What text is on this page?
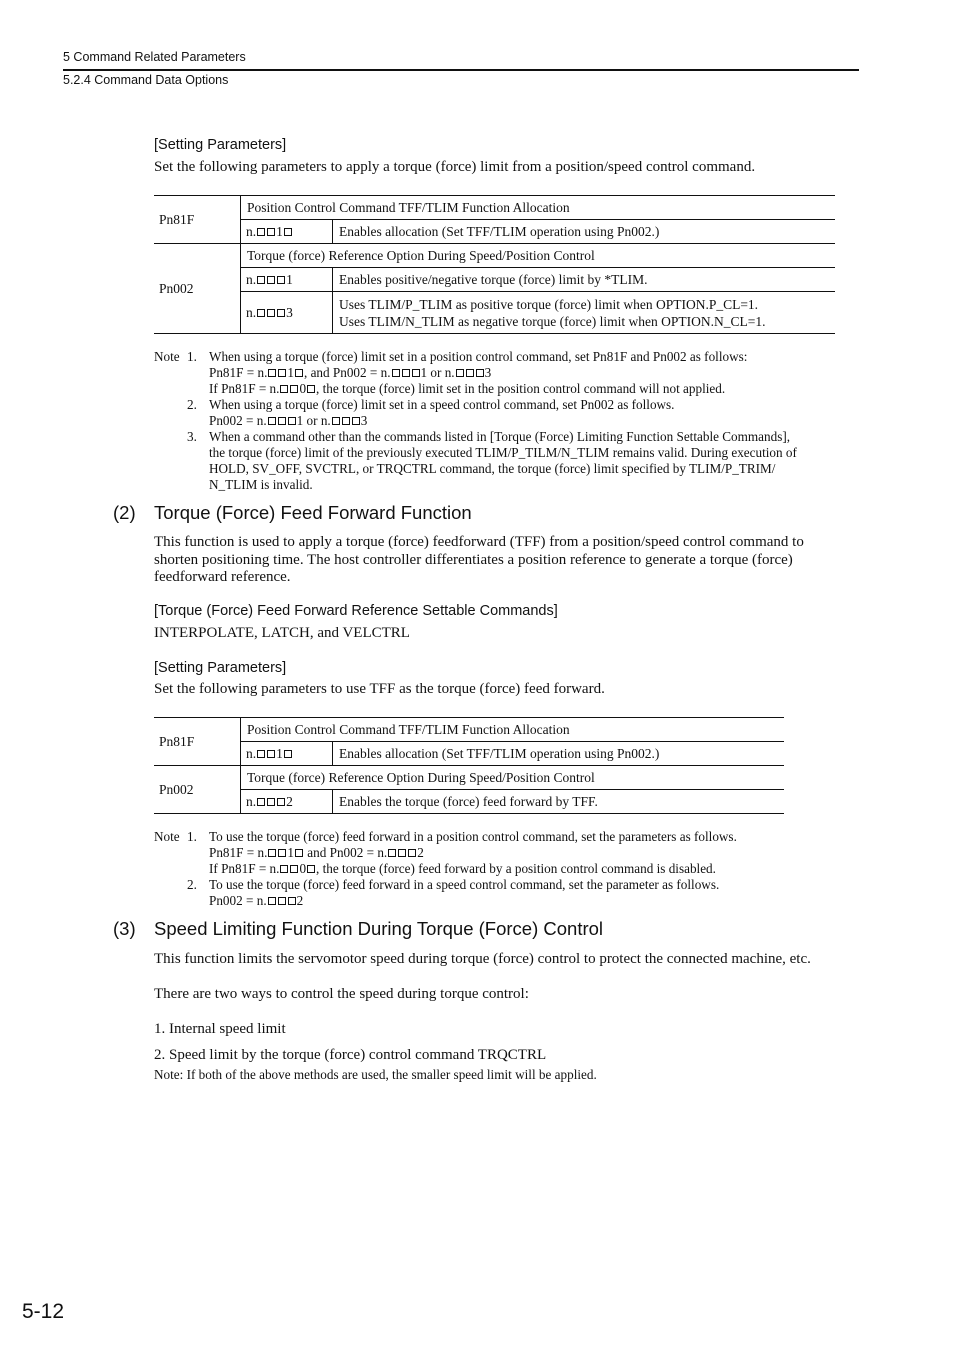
5 Command Related Parameters
5.2.4 Command Data Options
[Setting Parameters]
Set the following parameters to apply a torque (force) limit from a position/speed control command.
Pn81F	Position Control Command TFF/TLIM Function Allocation	
	n. 1	Enables allocation (Set TFF/TLIM operation using Pn002.)
Pn002	Torque (force) Reference Option During Speed/Position Control	
	n. 1	Enables positive/negative torque (force) limit by *TLIM.
	n. 3	Uses TLIM/P_TLIM as positive torque (force) limit when OPTION.P_CL=1.
Uses TLIM/N_TLIM as negative torque (force) limit when OPTION.N_CL=1.
Note 1. When using a torque (force) limit set in a position control command, set Pn81F and Pn002 as follows:
Pn81F = n. 1 , and Pn002 = n. 1 or n. 3
If Pn81F = n. 0 , the torque (force) limit set in the position control command will not applied.
2. When using a torque (force) limit set in a speed control command, set Pn002 as follows.
Pn002 = n. 1 or n. 3
3. When a command other than the commands listed in [Torque (Force) Limiting Function Settable Commands],
the torque (force) limit of the previously executed TLIM/P_TILM/N_TLIM remains valid. During execution of
HOLD, SV_OFF, SVCTRL, or TRQCTRL command, the torque (force) limit specified by TLIM/P_TRIM/
N_TLIM is invalid.
(2) Torque (Force) Feed Forward Function
This function is used to apply a torque (force) feedforward (TFF) from a position/speed control command to
shorten positioning time. The host controller differentiates a position reference to generate a torque (force)
feedforward reference.
[Torque (Force) Feed Forward Reference Settable Commands]
INTERPOLATE, LATCH, and VELCTRL
[Setting Parameters]
Set the following parameters to use TFF as the torque (force) feed forward.
Pn81F	Position Control Command TFF/TLIM Function Allocation	
	n. 1	Enables allocation (Set TFF/TLIM operation using Pn002.)
Pn002	Torque (force) Reference Option During Speed/Position Control	
	n. 2	Enables the torque (force) feed forward by TFF.
Note 1. To use the torque (force) feed forward in a position control command, set the parameters as follows.
Pn81F = n. 1 and Pn002 = n. 2
If Pn81F = n. 0 , the torque (force) feed forward by a position control command is disabled.
2. To use the torque (force) feed forward in a speed control command, set the parameter as follows.
Pn002 = n. 2
(3) Speed Limiting Function During Torque (Force) Control
This function limits the servomotor speed during torque (force) control to protect the connected machine, etc.
There are two ways to control the speed during torque control:
1. Internal speed limit
2. Speed limit by the torque (force) control command TRQCTRL
Note: If both of the above methods are used, the smaller speed limit will be applied.
5-12
